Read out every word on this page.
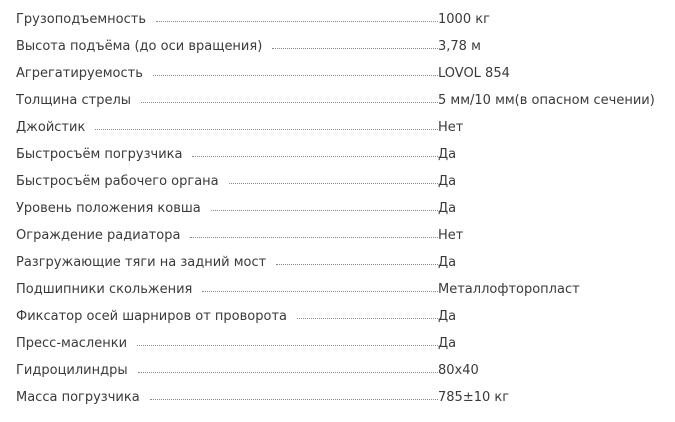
Грузоподъемность	1000 кг
Высота подъёма (до оси вращения)	3,78 м
Агрегатируемость	LOVOL 854
Толщина стрелы	5 мм/10 мм(в опасном сечении)
Джойстик	Нет
Быстросъём погрузчика	Да
Быстросъём рабочего органа	Да
Уровень положения ковша	Да
Ограждение радиатора	Нет
Разгружающие тяги на задний мост	Да
Подшипники скольжения	Металлофторопласт
Фиксатор осей шарниров от проворота	Да
Пресс-масленки	Да
Гидроцилиндры	80х40
Масса погрузчика	785±10 кг
